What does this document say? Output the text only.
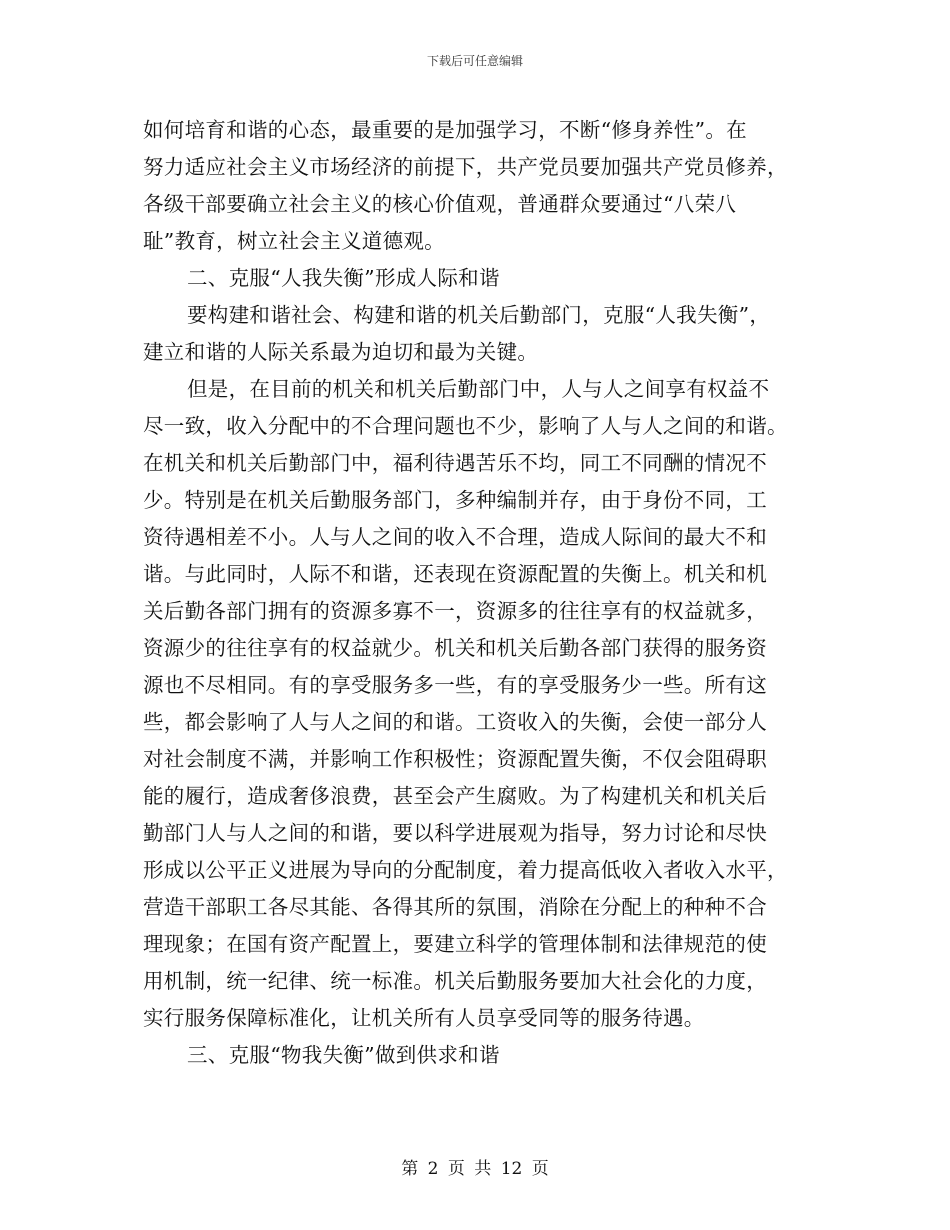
下载后可任意编辑
如何培育和谐的心态，最重要的是加强学习，不断“修身养性”。在
努力适应社会主义市场经济的前提下，共产党员要加强共产党员修养，
各级干部要确立社会主义的核心价值观，普通群众要通过“八荣八
耻”教育，树立社会主义道德观。
二、克服“人我失衡”形成人际和谐
要构建和谐社会、构建和谐的机关后勤部门，克服“人我失衡”，
建立和谐的人际关系最为迫切和最为关键。
但是，在目前的机关和机关后勤部门中，人与人之间享有权益不
尽一致，收入分配中的不合理问题也不少，影响了人与人之间的和谐。
在机关和机关后勤部门中，福利待遇苦乐不均，同工不同酬的情况不
少。特别是在机关后勤服务部门，多种编制并存，由于身份不同，工
资待遇相差不小。人与人之间的收入不合理，造成人际间的最大不和
谐。与此同时，人际不和谐，还表现在资源配置的失衡上。机关和机
关后勤各部门拥有的资源多寡不一，资源多的往往享有的权益就多，
资源少的往往享有的权益就少。机关和机关后勤各部门获得的服务资
源也不尽相同。有的享受服务多一些，有的享受服务少一些。所有这
些，都会影响了人与人之间的和谐。工资收入的失衡，会使一部分人
对社会制度不满，并影响工作积极性；资源配置失衡，不仅会阻碍职
能的履行，造成奢侈浪费，甚至会产生腐败。为了构建机关和机关后
勤部门人与人之间的和谐，要以科学进展观为指导，努力讨论和尽快
形成以公平正义进展为导向的分配制度，着力提高低收入者收入水平，
营造干部职工各尽其能、各得其所的氛围，消除在分配上的种种不合
理现象；在国有资产配置上，要建立科学的管理体制和法律规范的使
用机制，统一纪律、统一标准。机关后勤服务要加大社会化的力度，
实行服务保障标准化，让机关所有人员享受同等的服务待遇。
三、克服“物我失衡”做到供求和谐
第 2 页 共 12 页
